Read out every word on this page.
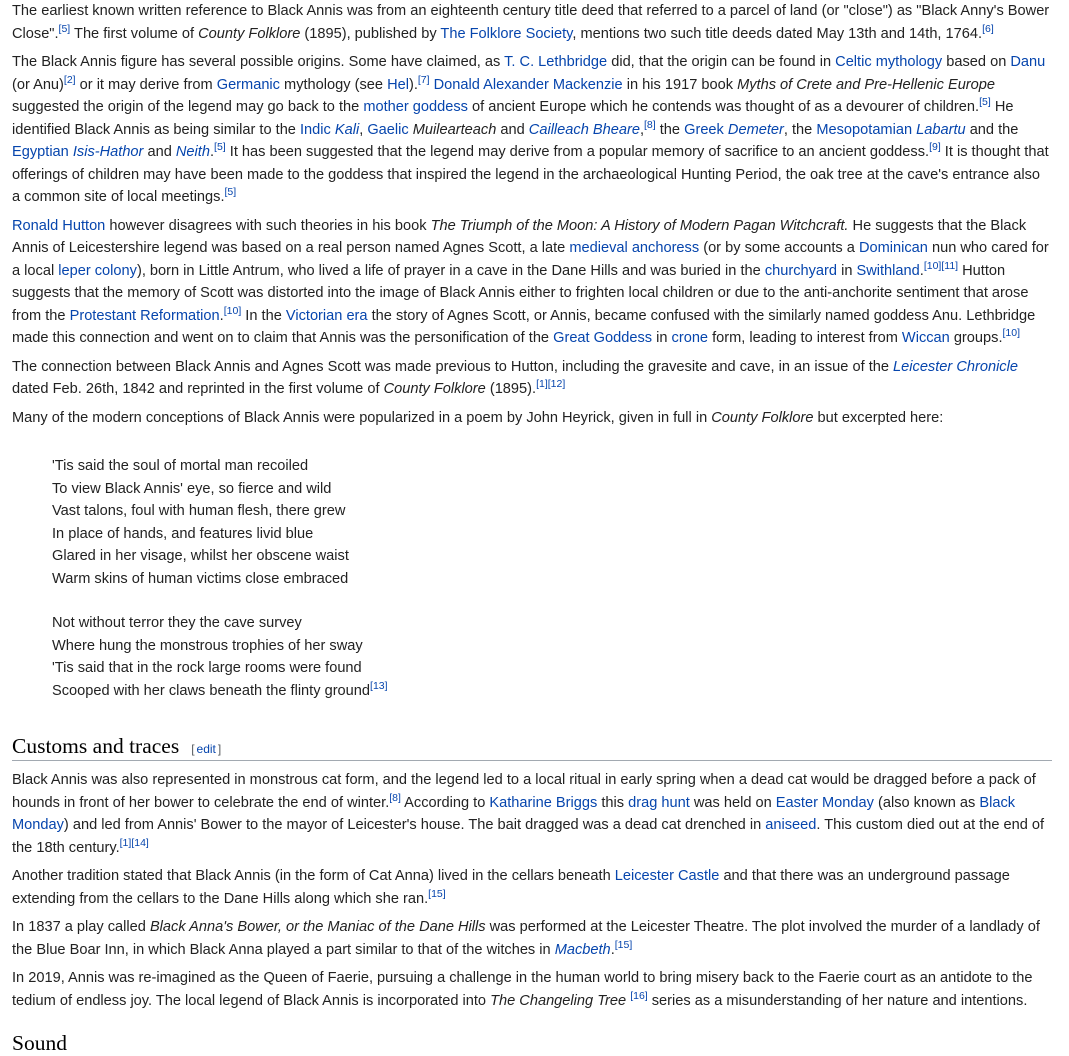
The earliest known written reference to Black Annis was from an eighteenth century title deed that referred to a parcel of land (or "close") as "Black Anny's Bower Close".[5] The first volume of County Folklore (1895), published by The Folklore Society, mentions two such title deeds dated May 13th and 14th, 1764.[6]

The Black Annis figure has several possible origins. Some have claimed, as T. C. Lethbridge did, that the origin can be found in Celtic mythology based on Danu (or Anu)[2] or it may derive from Germanic mythology (see Hel).[7] Donald Alexander Mackenzie in his 1917 book Myths of Crete and Pre-Hellenic Europe suggested the origin of the legend may go back to the mother goddess of ancient Europe which he contends was thought of as a devourer of children.[5] He identified Black Annis as being similar to the Indic Kali, Gaelic Muilearteach and Cailleach Bheare,[8] the Greek Demeter, the Mesopotamian Labartu and the Egyptian Isis-Hathor and Neith.[5] It has been suggested that the legend may derive from a popular memory of sacrifice to an ancient goddess.[9] It is thought that offerings of children may have been made to the goddess that inspired the legend in the archaeological Hunting Period, the oak tree at the cave's entrance also a common site of local meetings.[5]

Ronald Hutton however disagrees with such theories in his book The Triumph of the Moon: A History of Modern Pagan Witchcraft. He suggests that the Black Annis of Leicestershire legend was based on a real person named Agnes Scott, a late medieval anchoress (or by some accounts a Dominican nun who cared for a local leper colony), born in Little Antrum, who lived a life of prayer in a cave in the Dane Hills and was buried in the churchyard in Swithland.[10][11] Hutton suggests that the memory of Scott was distorted into the image of Black Annis either to frighten local children or due to the anti-anchorite sentiment that arose from the Protestant Reformation.[10] In the Victorian era the story of Agnes Scott, or Annis, became confused with the similarly named goddess Anu. Lethbridge made this connection and went on to claim that Annis was the personification of the Great Goddess in crone form, leading to interest from Wiccan groups.[10]

The connection between Black Annis and Agnes Scott was made previous to Hutton, including the gravesite and cave, in an issue of the Leicester Chronicle dated Feb. 26th, 1842 and reprinted in the first volume of County Folklore (1895).[1][12]

Many of the modern conceptions of Black Annis were popularized in a poem by John Heyrick, given in full in County Folklore but excerpted here:

'Tis said the soul of mortal man recoiled
To view Black Annis' eye, so fierce and wild
Vast talons, foul with human flesh, there grew
In place of hands, and features livid blue
Glared in her visage, whilst her obscene waist
Warm skins of human victims close embraced
Not without terror they the cave survey
Where hung the monstrous trophies of her sway
'Tis said that in the rock large rooms were found
Scooped with her claws beneath the flinty ground[13]
Customs and traces [ edit ]

Black Annis was also represented in monstrous cat form, and the legend led to a local ritual in early spring when a dead cat would be dragged before a pack of hounds in front of her bower to celebrate the end of winter.[8] According to Katharine Briggs this drag hunt was held on Easter Monday (also known as Black Monday) and led from Annis' Bower to the mayor of Leicester's house. The bait dragged was a dead cat drenched in aniseed. This custom died out at the end of the 18th century.[1][14]

Another tradition stated that Black Annis (in the form of Cat Anna) lived in the cellars beneath Leicester Castle and that there was an underground passage extending from the cellars to the Dane Hills along which she ran.[15]

In 1837 a play called Black Anna's Bower, or the Maniac of the Dane Hills was performed at the Leicester Theatre. The plot involved the murder of a landlady of the Blue Boar Inn, in which Black Anna played a part similar to that of the witches in Macbeth.[15]

In 2019, Annis was re-imagined as the Queen of Faerie, pursuing a challenge in the human world to bring misery back to the Faerie court as an antidote to the tedium of endless joy. The local legend of Black Annis is incorporated into The Changeling Tree [16] series as a misunderstanding of her nature and intentions.

Sound
